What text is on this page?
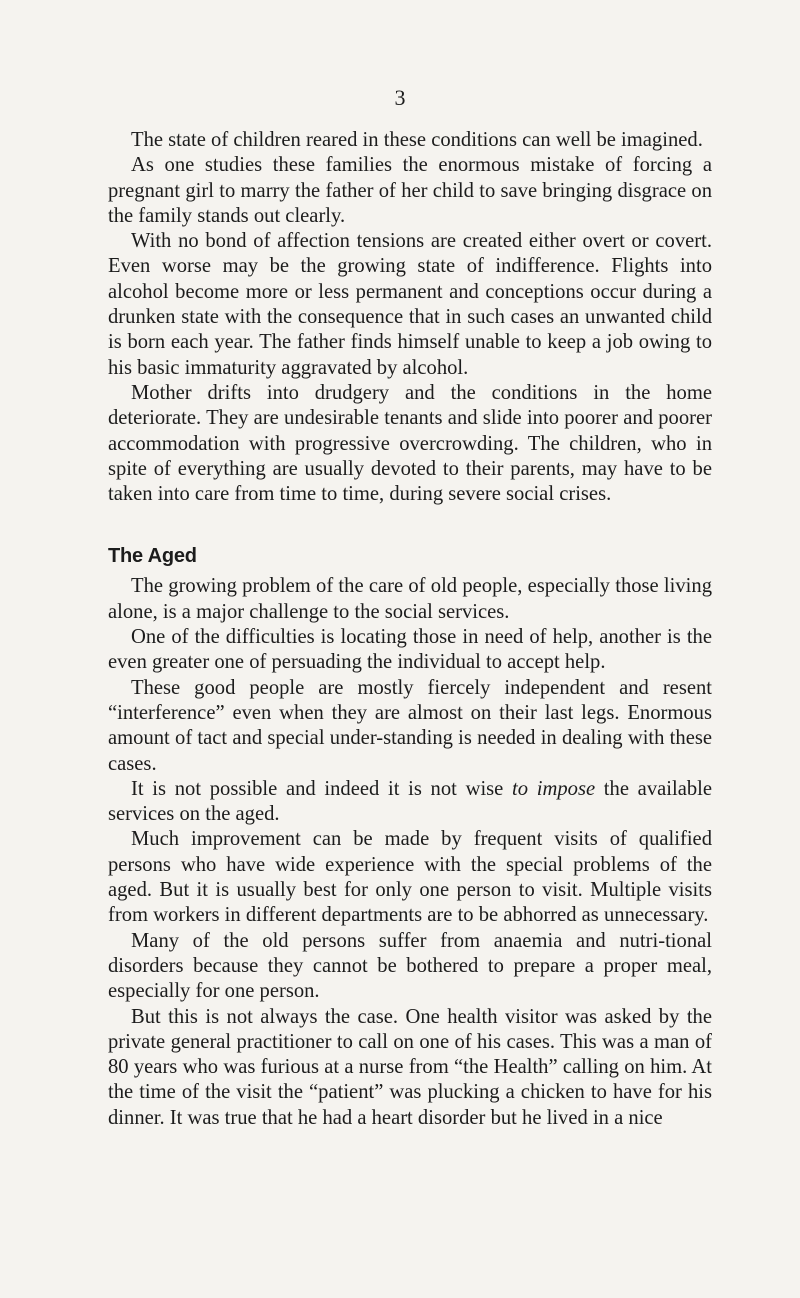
3

The state of children reared in these conditions can well be imagined.

As one studies these families the enormous mistake of forcing a pregnant girl to marry the father of her child to save bringing disgrace on the family stands out clearly.

With no bond of affection tensions are created either overt or covert. Even worse may be the growing state of indifference. Flights into alcohol become more or less permanent and conceptions occur during a drunken state with the consequence that in such cases an unwanted child is born each year. The father finds himself unable to keep a job owing to his basic immaturity aggravated by alcohol.

Mother drifts into drudgery and the conditions in the home deteriorate. They are undesirable tenants and slide into poorer and poorer accommodation with progressive overcrowding. The children, who in spite of everything are usually devoted to their parents, may have to be taken into care from time to time, during severe social crises.

The Aged

The growing problem of the care of old people, especially those living alone, is a major challenge to the social services.

One of the difficulties is locating those in need of help, another is the even greater one of persuading the individual to accept help.

These good people are mostly fiercely independent and resent “interference” even when they are almost on their last legs. Enormous amount of tact and special under-standing is needed in dealing with these cases.

It is not possible and indeed it is not wise to impose the available services on the aged.

Much improvement can be made by frequent visits of qualified persons who have wide experience with the special problems of the aged. But it is usually best for only one person to visit. Multiple visits from workers in different departments are to be abhorred as unnecessary.

Many of the old persons suffer from anaemia and nutri-tional disorders because they cannot be bothered to prepare a proper meal, especially for one person.

But this is not always the case. One health visitor was asked by the private general practitioner to call on one of his cases. This was a man of 80 years who was furious at a nurse from “the Health” calling on him. At the time of the visit the “patient” was plucking a chicken to have for his dinner. It was true that he had a heart disorder but he lived in a nice
